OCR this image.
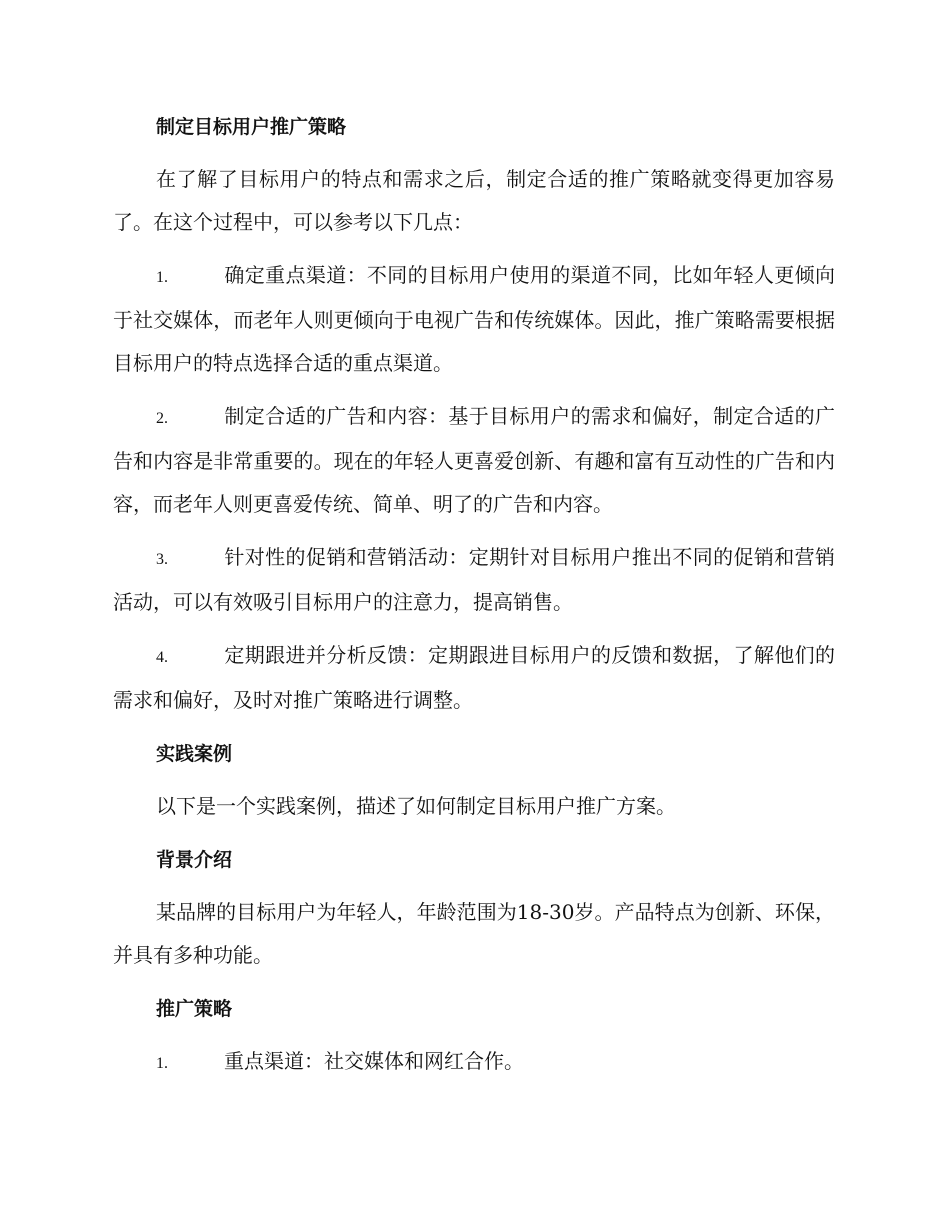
制定目标用户推广策略

在了解了目标用户的特点和需求之后，制定合适的推广策略就变得更加容易了。在这个过程中，可以参考以下几点：

1.	确定重点渠道：不同的目标用户使用的渠道不同，比如年轻人更倾向于社交媒体，而老年人则更倾向于电视广告和传统媒体。因此，推广策略需要根据目标用户的特点选择合适的重点渠道。

2.	制定合适的广告和内容：基于目标用户的需求和偏好，制定合适的广告和内容是非常重要的。现在的年轻人更喜爱创新、有趣和富有互动性的广告和内容，而老年人则更喜爱传统、简单、明了的广告和内容。

3.	针对性的促销和营销活动：定期针对目标用户推出不同的促销和营销活动，可以有效吸引目标用户的注意力，提高销售。

4.	定期跟进并分析反馈：定期跟进目标用户的反馈和数据，了解他们的需求和偏好，及时对推广策略进行调整。

实践案例

以下是一个实践案例，描述了如何制定目标用户推广方案。

背景介绍

某品牌的目标用户为年轻人，年龄范围为18-30岁。产品特点为创新、环保，并具有多种功能。

推广策略

1.	重点渠道：社交媒体和网红合作。
